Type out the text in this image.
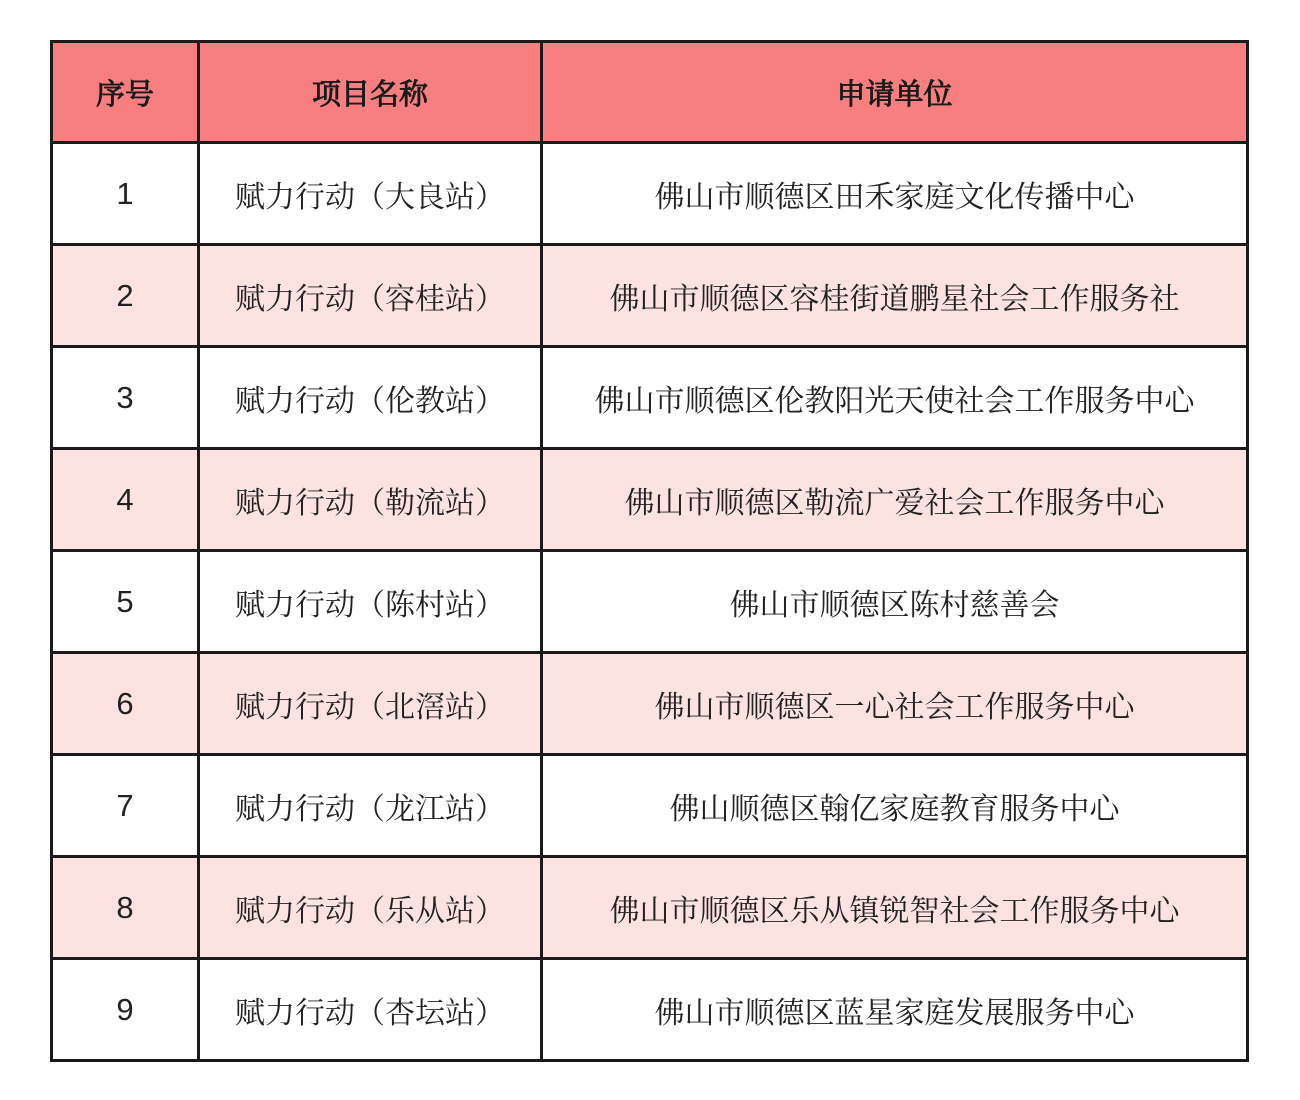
序号	项目名称	申请单位
1	赋力行动（大良站）	佛山市顺德区田禾家庭文化传播中心
2	赋力行动（容桂站）	佛山市顺德区容桂街道鹏星社会工作服务社
3	赋力行动（伦教站）	佛山市顺德区伦教阳光天使社会工作服务中心
4	赋力行动（勒流站）	佛山市顺德区勒流广爱社会工作服务中心
5	赋力行动（陈村站）	佛山市顺德区陈村慈善会
6	赋力行动（北滘站）	佛山市顺德区一心社会工作服务中心
7	赋力行动（龙江站）	佛山顺德区翰亿家庭教育服务中心
8	赋力行动（乐从站）	佛山市顺德区乐从镇锐智社会工作服务中心
9	赋力行动（杏坛站）	佛山市顺德区蓝星家庭发展服务中心
